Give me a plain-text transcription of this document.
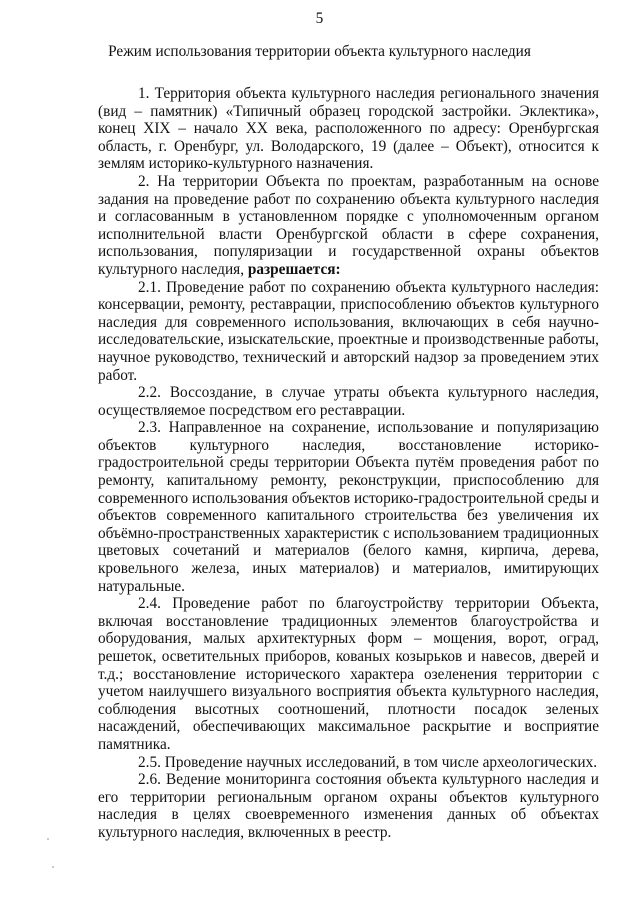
5
Режим использования территории объекта культурного наследия

1. Территория объекта культурного наследия регионального значения (вид – памятник) «Типичный образец городской застройки. Эклектика», конец XIX – начало XX века, расположенного по адресу: Оренбургская область, г. Оренбург, ул. Володарского, 19 (далее – Объект), относится к землям историко-культурного назначения.

2. На территории Объекта по проектам, разработанным на основе задания на проведение работ по сохранению объекта культурного наследия и согласованным в установленном порядке с уполномоченным органом исполнительной власти Оренбургской области в сфере сохранения, использования, популяризации и государственной охраны объектов культурного наследия, разрешается:

2.1. Проведение работ по сохранению объекта культурного наследия: консервации, ремонту, реставрации, приспособлению объектов культурного наследия для современного использования, включающих в себя научно-исследовательские, изыскательские, проектные и производственные работы, научное руководство, технический и авторский надзор за проведением этих работ.

2.2. Воссоздание, в случае утраты объекта культурного наследия, осуществляемое посредством его реставрации.

2.3. Направленное на сохранение, использование и популяризацию объектов культурного наследия, восстановление историко-градостроительной среды территории Объекта путём проведения работ по ремонту, капитальному ремонту, реконструкции, приспособлению для современного использования объектов историко-градостроительной среды и объектов современного капитального строительства без увеличения их объёмно-пространственных характеристик с использованием традиционных цветовых сочетаний и материалов (белого камня, кирпича, дерева, кровельного железа, иных материалов) и материалов, имитирующих натуральные.

2.4. Проведение работ по благоустройству территории Объекта, включая восстановление традиционных элементов благоустройства и оборудования, малых архитектурных форм – мощения, ворот, оград, решеток, осветительных приборов, кованых козырьков и навесов, дверей и т.д.; восстановление исторического характера озеленения территории с учетом наилучшего визуального восприятия объекта культурного наследия, соблюдения высотных соотношений, плотности посадок зеленых насаждений, обеспечивающих максимальное раскрытие и восприятие памятника.

2.5. Проведение научных исследований, в том числе археологических.

2.6. Ведение мониторинга состояния объекта культурного наследия и его территории региональным органом охраны объектов культурного наследия в целях своевременного изменения данных об объектах культурного наследия, включенных в реестр.
